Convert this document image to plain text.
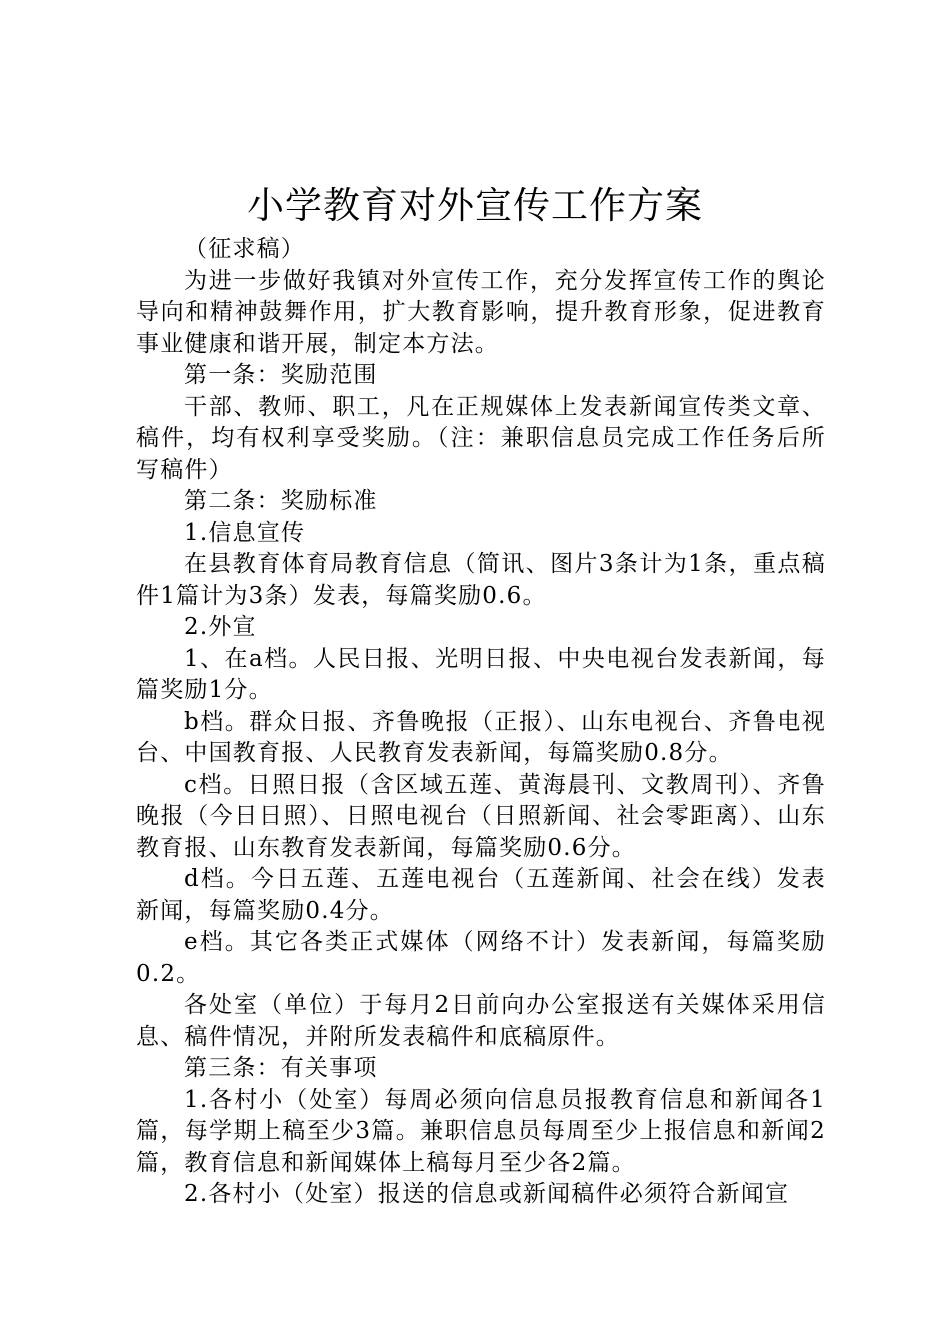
小学教育对外宣传工作方案

（征求稿）

为进一步做好我镇对外宣传工作，充分发挥宣传工作的舆论导向和精神鼓舞作用，扩大教育影响，提升教育形象，促进教育事业健康和谐开展，制定本方法。

第一条：奖励范围

干部、教师、职工，凡在正规媒体上发表新闻宣传类文章、稿件，均有权利享受奖励。（注：兼职信息员完成工作任务后所写稿件）

第二条：奖励标准

1.信息宣传

在县教育体育局教育信息（简讯、图片3条计为1条，重点稿件1篇计为3条）发表，每篇奖励0.6。

2.外宣

1、在a档。人民日报、光明日报、中央电视台发表新闻，每篇奖励1分。

b档。群众日报、齐鲁晚报（正报）、山东电视台、齐鲁电视台、中国教育报、人民教育发表新闻，每篇奖励0.8分。

c档。日照日报（含区域五莲、黄海晨刊、文教周刊）、齐鲁晚报（今日日照）、日照电视台（日照新闻、社会零距离）、山东教育报、山东教育发表新闻，每篇奖励0.6分。

d档。今日五莲、五莲电视台（五莲新闻、社会在线）发表新闻，每篇奖励0.4分。

e档。其它各类正式媒体（网络不计）发表新闻，每篇奖励0.2。

各处室（单位）于每月2日前向办公室报送有关媒体采用信息、稿件情况，并附所发表稿件和底稿原件。

第三条：有关事项

1.各村小（处室）每周必须向信息员报教育信息和新闻各1篇，每学期上稿至少3篇。兼职信息员每周至少上报信息和新闻2篇，教育信息和新闻媒体上稿每月至少各2篇。

2.各村小（处室）报送的信息或新闻稿件必须符合新闻宣
